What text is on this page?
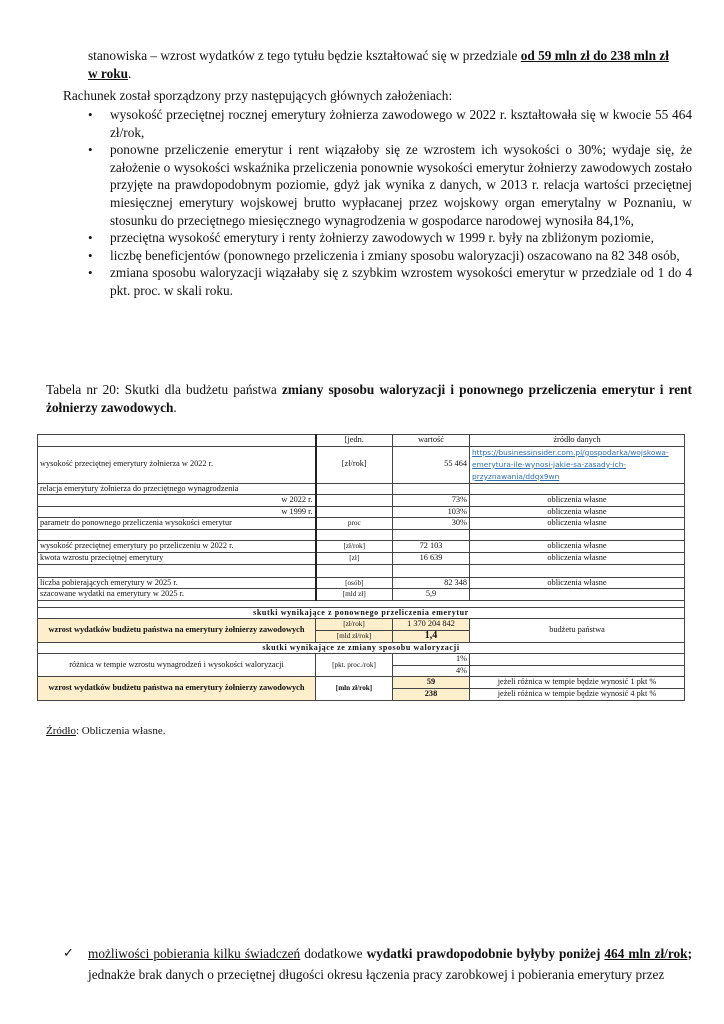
stanowiska – wzrost wydatków z tego tytułu będzie kształtować się w przedziale od 59 mln zł do 238 mln zł
w roku.
Rachunek został sporządzony przy następujących głównych założeniach:
• wysokość przeciętnej rocznej emerytury żołnierza zawodowego w 2022 r. kształtowała się w kwocie 55 464 zł/rok,
• ponowne przeliczenie emerytur i rent wiązałoby się ze wzrostem ich wysokości o 30%; wydaje się, że założenie o wysokości wskaźnika przeliczenia ponownie wysokości emerytur żołnierzy zawodowych zostało przyjęte na prawdopodobnym poziomie, gdyż jak wynika z danych, w 2013 r. relacja wartości przeciętnej miesięcznej emerytury wojskowej brutto wypłacanej przez wojskowy organ emerytalny w Poznaniu, w stosunku do przeciętnego miesięcznego wynagrodzenia w gospodarce narodowej wynosiła 84,1%,
• przeciętna wysokość emerytury i renty żołnierzy zawodowych w 1999 r. były na zbliżonym poziomie,
• liczbę beneficjentów (ponownego przeliczenia i zmiany sposobu waloryzacji) oszacowano na 82 348 osób,
• zmiana sposobu waloryzacji wiązałaby się z szybkim wzrostem wysokości emerytur w przedziale od 1 do 4 pkt. proc. w skali roku.
Tabela nr 20: Skutki dla budżetu państwa zmiany sposobu waloryzacji i ponownego przeliczenia emerytur i rent żołnierzy zawodowych.
	[jedn.	wartość	źródło danych
wysokość przeciętnej emerytury żołnierza w 2022 r.	[zł/rok]	55 464	https://businessinsider.com.pl/gospodarka/wojskowa-emerytura-ile-wynosi-jakie-sa-zasady-ich-przyznawania/ddqx9wn
relacja emerytury żołnierza do przeciętnego wynagrodzenia			
w 2022 r.		73%	obliczenia własne
w 1999 r.		103%	obliczenia własne
parametr do ponownego przeliczenia wysokości emerytur	proc	30%	obliczenia własne

wysokość przeciętnej emerytury po przeliczeniu w 2022 r.	[zł/rok]	72 103	obliczenia własne
kwota wzrostu przeciętnej emerytury	[zł]	16 639	obliczenia własne

liczba pobierających emerytury w 2025 r.	[osób]	82 348	obliczenia własne
szacowane wydatki na emerytury w 2025 r.	[mld zł]	5,9	

skutki wynikające z ponownego przeliczenia emerytur			
wzrost wydatków budżetu państwa na emerytury żołnierzy zawodowych	[zł/rok]	1 370 204 842	budżetu państwa
	[mld zł/rok]	1,4	
skutki wynikające ze zmiany sposobu waloryzacji			
różnica w tempie wzrostu wynagrodzeń i wysokości waloryzacji	[pkt. proc./rok]	1%	
		4%	
wzrost wydatków budżetu państwa na emerytury żołnierzy zawodowych	[mln zł/rok]	59	jeżeli różnica w tempie będzie wynosić 1 pkt %
		238	jeżeli różnica w tempie będzie wynosić 4 pkt %
Źródło: Obliczenia własne.
✓ możliwości pobierania kilku świadczeń dodatkowe wydatki prawdopodobnie byłyby poniżej 464 mln zł/rok; jednakże brak danych o przeciętnej długości okresu łączenia pracy zarobkowej i pobierania emerytury przez
